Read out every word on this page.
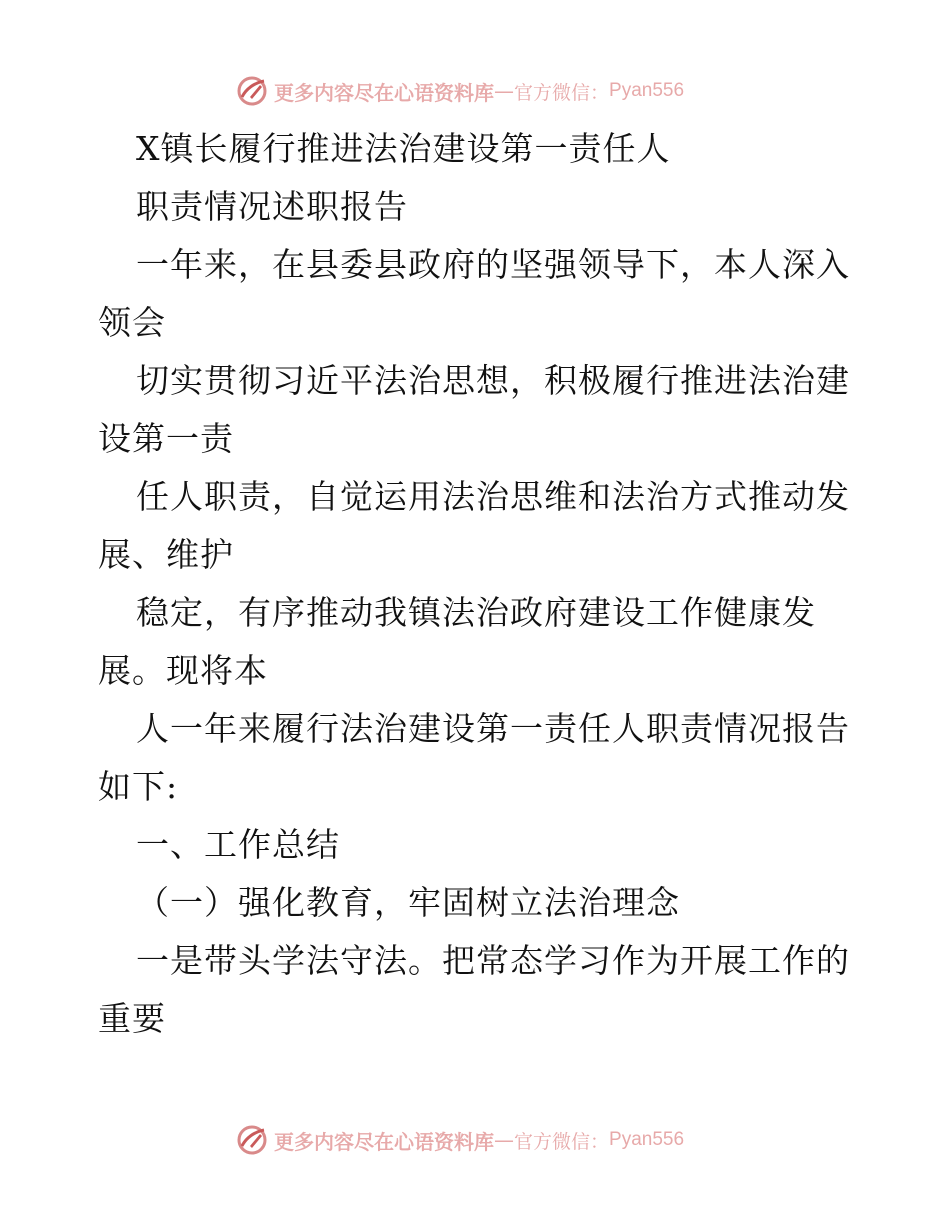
更多内容尽在心语资料库 — 官方微信： Pyan556
X镇长履行推进法治建设第一责任人
职责情况述职报告
一年来，在县委县政府的坚强领导下，本人深入
领会
切实贯彻习近平法治思想，积极履行推进法治建
设第一责
任人职责，自觉运用法治思维和法治方式推动发
展、维护
稳定，有序推动我镇法治政府建设工作健康发
展。现将本
人一年来履行法治建设第一责任人职责情况报告
如下:
一、工作总结
（一）强化教育，牢固树立法治理念
一是带头学法守法。把常态学习作为开展工作的
重要
更多内容尽在心语资料库 — 官方微信： Pyan556
